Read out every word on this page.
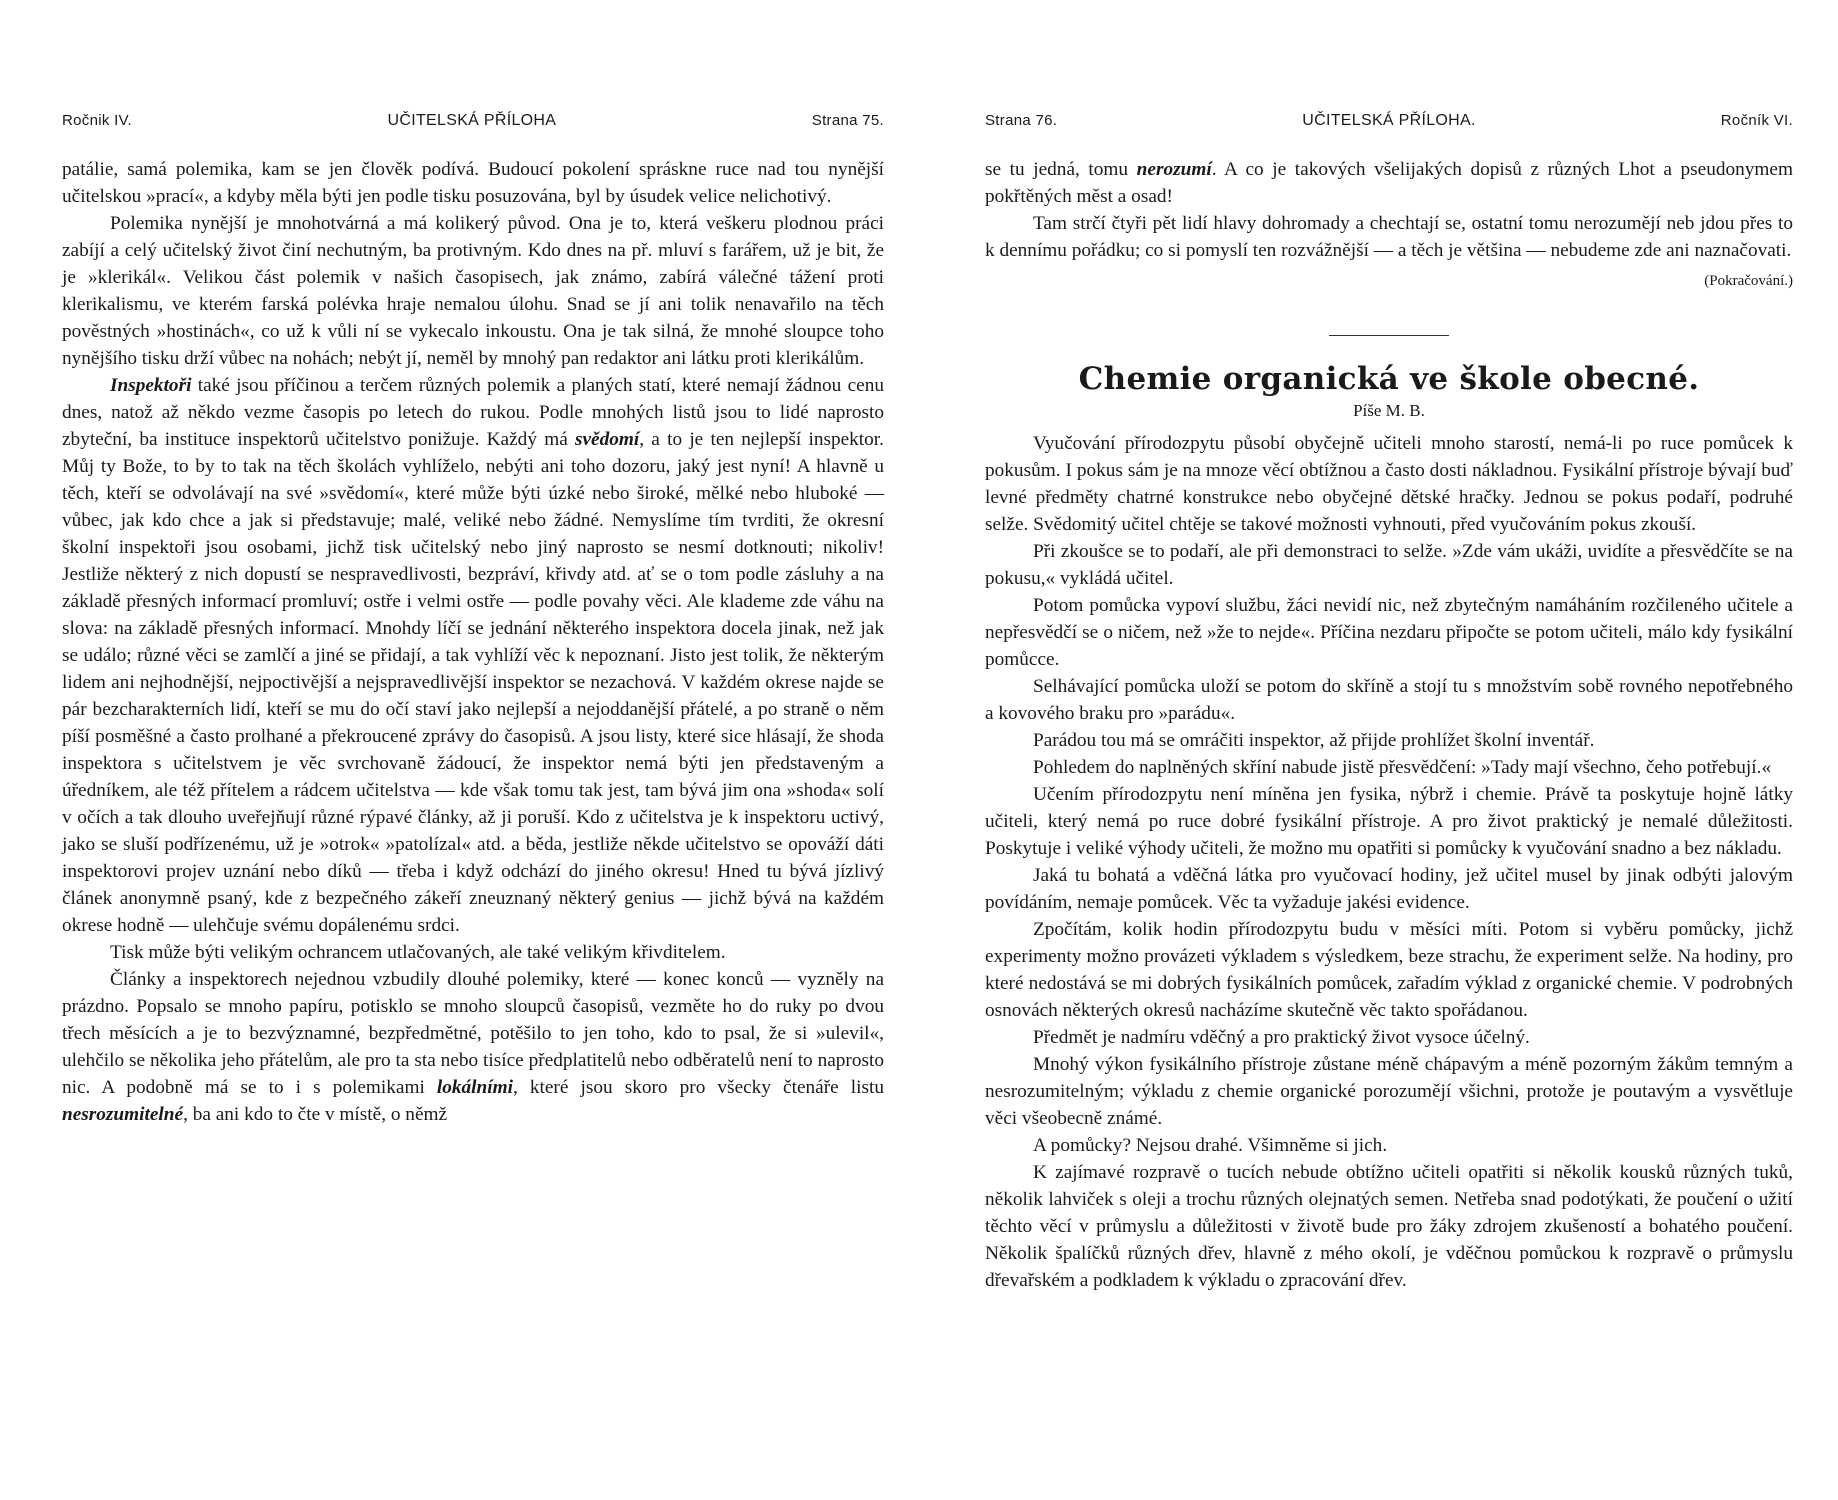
Ročnik IV.	UČITELSKÁ PŘÍLOHA	Strana 75.

patálie, samá polemika, kam se jen člověk podívá. Budoucí pokolení spráskne ruce nad tou nynější učitelskou »prací«, a kdyby měla býti jen podle tisku posuzována, byl by úsudek velice nelichotivý.

Polemika nynější je mnohotvárná a má kolikerý původ. Ona je to, která veškeru plodnou práci zabíjí a celý učitelský život činí nechutným, ba protivným. Kdo dnes na př. mluví s farářem, už je bit, že je »klerikál«. Velikou část polemik v našich časopisech, jak známo, zabírá válečné tážení proti klerikalismu, ve kterém farská polévka hraje nemalou úlohu. Snad se jí ani tolik nenavařilo na těch pověstných »hostinách«, co už k vůli ní se vykecalo inkoustu. Ona je tak silná, že mnohé sloupce toho nynějšího tisku drží vůbec na nohách; nebýt jí, neměl by mnohý pan redaktor ani látku proti klerikálům.

Inspektoři také jsou příčinou a terčem různých polemik a planých statí, které nemají žádnou cenu dnes, natož až někdo vezme časopis po letech do rukou. Podle mnohých listů jsou to lidé naprosto zbyteční, ba instituce inspektorů učitelstvo ponižuje. Každý má svědomí, a to je ten nejlepší inspektor. Můj ty Bože, to by to tak na těch školách vyhlíželo, nebýti ani toho dozoru, jaký jest nyní! A hlavně u těch, kteří se odvolávají na své »svědomí«, které může býti úzké nebo široké, mělké nebo hluboké — vůbec, jak kdo chce a jak si představuje; malé, veliké nebo žádné. Nemyslíme tím tvrditi, že okresní školní inspektoři jsou osobami, jichž tisk učitelský nebo jiný naprosto se nesmí dotknouti; nikoliv! Jestliže některý z nich dopustí se nespravedlivosti, bezpráví, křivdy atd. ať se o tom podle zásluhy a na základě přesných informací promluví; ostře i velmi ostře — podle povahy věci. Ale klademe zde váhu na slova: na základě přesných informací. Mnohdy líčí se jednání některého inspektora docela jinak, než jak se událo; různé věci se zamlčí a jiné se přidají, a tak vyhlíží věc k nepoznaní. Jisto jest tolik, že některým lidem ani nejhodnější, nejpoctivější a nejspravedlivější inspektor se nezachová. V každém okrese najde se pár bezcharakterních lidí, kteří se mu do očí staví jako nejlepší a nejoddanější přátelé, a po straně o něm píší posměšné a často prolhané a překroucené zprávy do časopisů. A jsou listy, které sice hlásají, že shoda inspektora s učitelstvem je věc svrchovaně žádoucí, že inspektor nemá býti jen představeným a úředníkem, ale též přítelem a rádcem učitelstva — kde však tomu tak jest, tam bývá jim ona »shoda« solí v očích a tak dlouho uveřejňují různé rýpavé články, až ji poruší. Kdo z učitelstva je k inspektoru uctivý, jako se sluší podřízenému, už je »otrok« »patolízal« atd. a běda, jestliže někde učitelstvo se opováží dáti inspektorovi projev uznání nebo díků — třeba i když odchází do jiného okresu! Hned tu bývá jízlivý článek anonymně psaný, kde z bezpečného zákeří zneuznaný některý genius — jichž bývá na každém okrese hodně — ulehčuje svému dopálenému srdci.

Tisk může býti velikým ochrancem utlačovaných, ale také velikým křivditelem.

Články a inspektorech nejednou vzbudily dlouhé polemiky, které — konec konců — vyzněly na prázdno. Popsalo se mnoho papíru, potisklo se mnoho sloupců časopisů, vezměte ho do ruky po dvou třech měsících a je to bezvýznamné, bezpředmětné, potěšilo to jen toho, kdo to psal, že si »ulevil«, ulehčilo se několika jeho přátelům, ale pro ta sta nebo tisíce předplatitelů nebo odběratelů není to naprosto nic. A podobně má se to i s polemikami lokálními, které jsou skoro pro všecky čtenáře listu nesrozumitelné, ba ani kdo to čte v místě, o němž

Strana 76.	UČITELSKÁ PŘÍLOHA.	Ročník VI.

se tu jedná, tomu nerozumí. A co je takových všelijakých dopisů z různých Lhot a pseudonymem pokřtěných měst a osad!

Tam strčí čtyři pět lidí hlavy dohromady a chechtají se, ostatní tomu nerozumějí neb jdou přes to k dennímu pořádku; co si pomyslí ten rozvážnější — a těch je většina — nebudeme zde ani naznačovati.

(Pokračování.)
Chemie organická ve škole obecné.
Píše M. B.

Vyučování přírodozpytu působí obyčejně učiteli mnoho starostí, nemá-li po ruce pomůcek k pokusům. I pokus sám je na mnoze věcí obtížnou a často dosti nákladnou. Fysikální přístroje bývají buď levné předměty chatrné konstrukce nebo obyčejné dětské hračky. Jednou se pokus podaří, podruhé selže. Svědomitý učitel chtěje se takové možnosti vyhnouti, před vyučováním pokus zkouší.

Při zkoušce se to podaří, ale při demonstraci to selže. »Zde vám ukáži, uvidíte a přesvědčíte se na pokusu,« vykládá učitel.

Potom pomůcka vypoví službu, žáci nevidí nic, než zbytečným namáháním rozčileného učitele a nepřesvědčí se o ničem, než »že to nejde«. Příčina nezdaru připočte se potom učiteli, málo kdy fysikální pomůcce.

Selhávající pomůcka uloží se potom do skříně a stojí tu s množstvím sobě rovného nepotřebného a kovového braku pro »parádu«.

Parádou tou má se omráčiti inspektor, až přijde prohlížet školní inventář.

Pohledem do naplněných skříní nabude jistě přesvědčení: »Tady mají všechno, čeho potřebují.«

Učením přírodozpytu není míněna jen fysika, nýbrž i chemie. Právě ta poskytuje hojně látky učiteli, který nemá po ruce dobré fysikální přístroje. A pro život praktický je nemalé důležitosti. Poskytuje i veliké výhody učiteli, že možno mu opatřiti si pomůcky k vyučování snadno a bez nákladu.

Jaká tu bohatá a vděčná látka pro vyučovací hodiny, jež učitel musel by jinak odbýti jalovým povídáním, nemaje pomůcek. Věc ta vyžaduje jakési evidence.

Zpočítám, kolik hodin přírodozpytu budu v měsíci míti. Potom si vyběru pomůcky, jichž experimenty možno provázeti výkladem s výsledkem, beze strachu, že experiment selže. Na hodiny, pro které nedostává se mi dobrých fysikálních pomůcek, zařadím výklad z organické chemie. V podrobných osnovách některých okresů nacházíme skutečně věc takto spořádanou.

Předmět je nadmíru vděčný a pro praktický život vysoce účelný.

Mnohý výkon fysikálního přístroje zůstane méně chápavým a méně pozorným žákům temným a nesrozumitelným; výkladu z chemie organické porozumějí všichni, protože je poutavým a vysvětluje věci všeobecně známé.

A pomůcky? Nejsou drahé. Všimněme si jich.

K zajímavé rozpravě o tucích nebude obtížno učiteli opatřiti si několik kousků různých tuků, několik lahviček s oleji a trochu různých olejnatých semen. Netřeba snad podotýkati, že poučení o užití těchto věcí v průmyslu a důležitosti v životě bude pro žáky zdrojem zkušeností a bohatého poučení. Několik špalíčků různých dřev, hlavně z mého okolí, je vděčnou pomůckou k rozpravě o průmyslu dřevařském a podkladem k výkladu o zpracování dřev.
